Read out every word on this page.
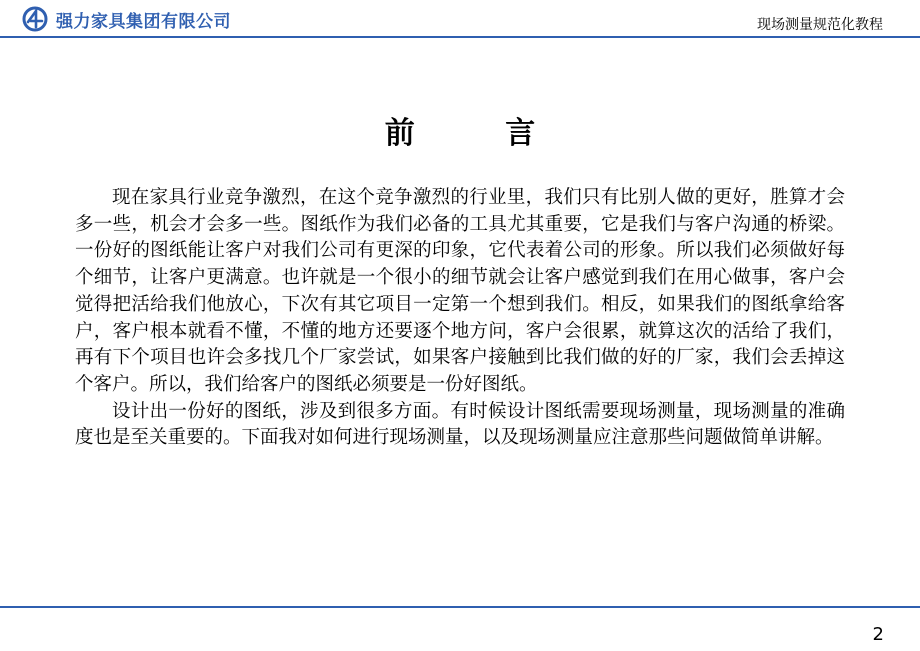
强力家具集团有限公司	现场测量规范化教程
前 言

现在家具行业竞争激烈，在这个竞争激烈的行业里，我们只有比别人做的更好，胜算才会多一些，机会才会多一些。图纸作为我们必备的工具尤其重要，它是我们与客户沟通的桥梁。一份好的图纸能让客户对我们公司有更深的印象，它代表着公司的形象。所以我们必须做好每个细节，让客户更满意。也许就是一个很小的细节就会让客户感觉到我们在用心做事，客户会觉得把活给我们他放心，下次有其它项目一定第一个想到我们。相反，如果我们的图纸拿给客户，客户根本就看不懂，不懂的地方还要逐个地方问，客户会很累，就算这次的活给了我们，再有下个项目也许会多找几个厂家尝试，如果客户接触到比我们做的好的厂家，我们会丢掉这个客户。所以，我们给客户的图纸必须要是一份好图纸。

设计出一份好的图纸，涉及到很多方面。有时候设计图纸需要现场测量，现场测量的准确度也是至关重要的。下面我对如何进行现场测量，以及现场测量应注意那些问题做简单讲解。

2
